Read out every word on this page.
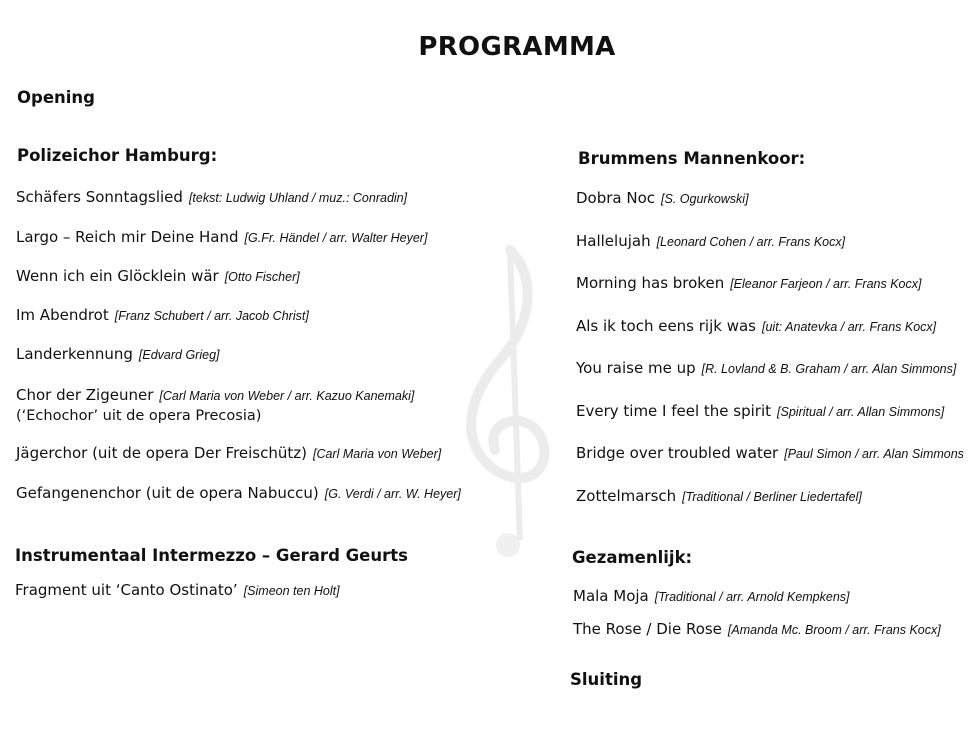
PROGRAMMA
Opening
Polizeichor Hamburg:
Schäfers Sonntagslied [tekst: Ludwig Uhland / muz.: Conradin]
Largo – Reich mir Deine Hand [G.Fr. Händel / arr. Walter Heyer]
Wenn ich ein Glöcklein wär [Otto Fischer]
Im Abendrot [Franz Schubert / arr. Jacob Christ]
Landerkennung [Edvard Grieg]
Chor der Zigeuner [Carl Maria von Weber / arr. Kazuo Kanemaki]
(‘Echochor’ uit de opera Precosia)
Jägerchor (uit de opera Der Freischütz) [Carl Maria von Weber]
Gefangenenchor (uit de opera Nabuccu) [G. Verdi / arr. W. Heyer]
Instrumentaal Intermezzo – Gerard Geurts
Fragment uit ‘Canto Ostinato’ [Simeon ten Holt]
Brummens Mannenkoor:
Dobra Noc [S. Ogurkowski]
Hallelujah [Leonard Cohen / arr. Frans Kocx]
Morning has broken [Eleanor Farjeon / arr. Frans Kocx]
Als ik toch eens rijk was [uit: Anatevka / arr. Frans Kocx]
You raise me up [R. Lovland & B. Graham / arr. Alan Simmons]
Every time I feel the spirit [Spiritual / arr. Allan Simmons]
Bridge over troubled water [Paul Simon / arr. Alan Simmons
Zottelmarsch [Traditional / Berliner Liedertafel]
Gezamenlijk:
Mala Moja [Traditional / arr. Arnold Kempkens]
The Rose / Die Rose [Amanda Mc. Broom / arr. Frans Kocx]
Sluiting
